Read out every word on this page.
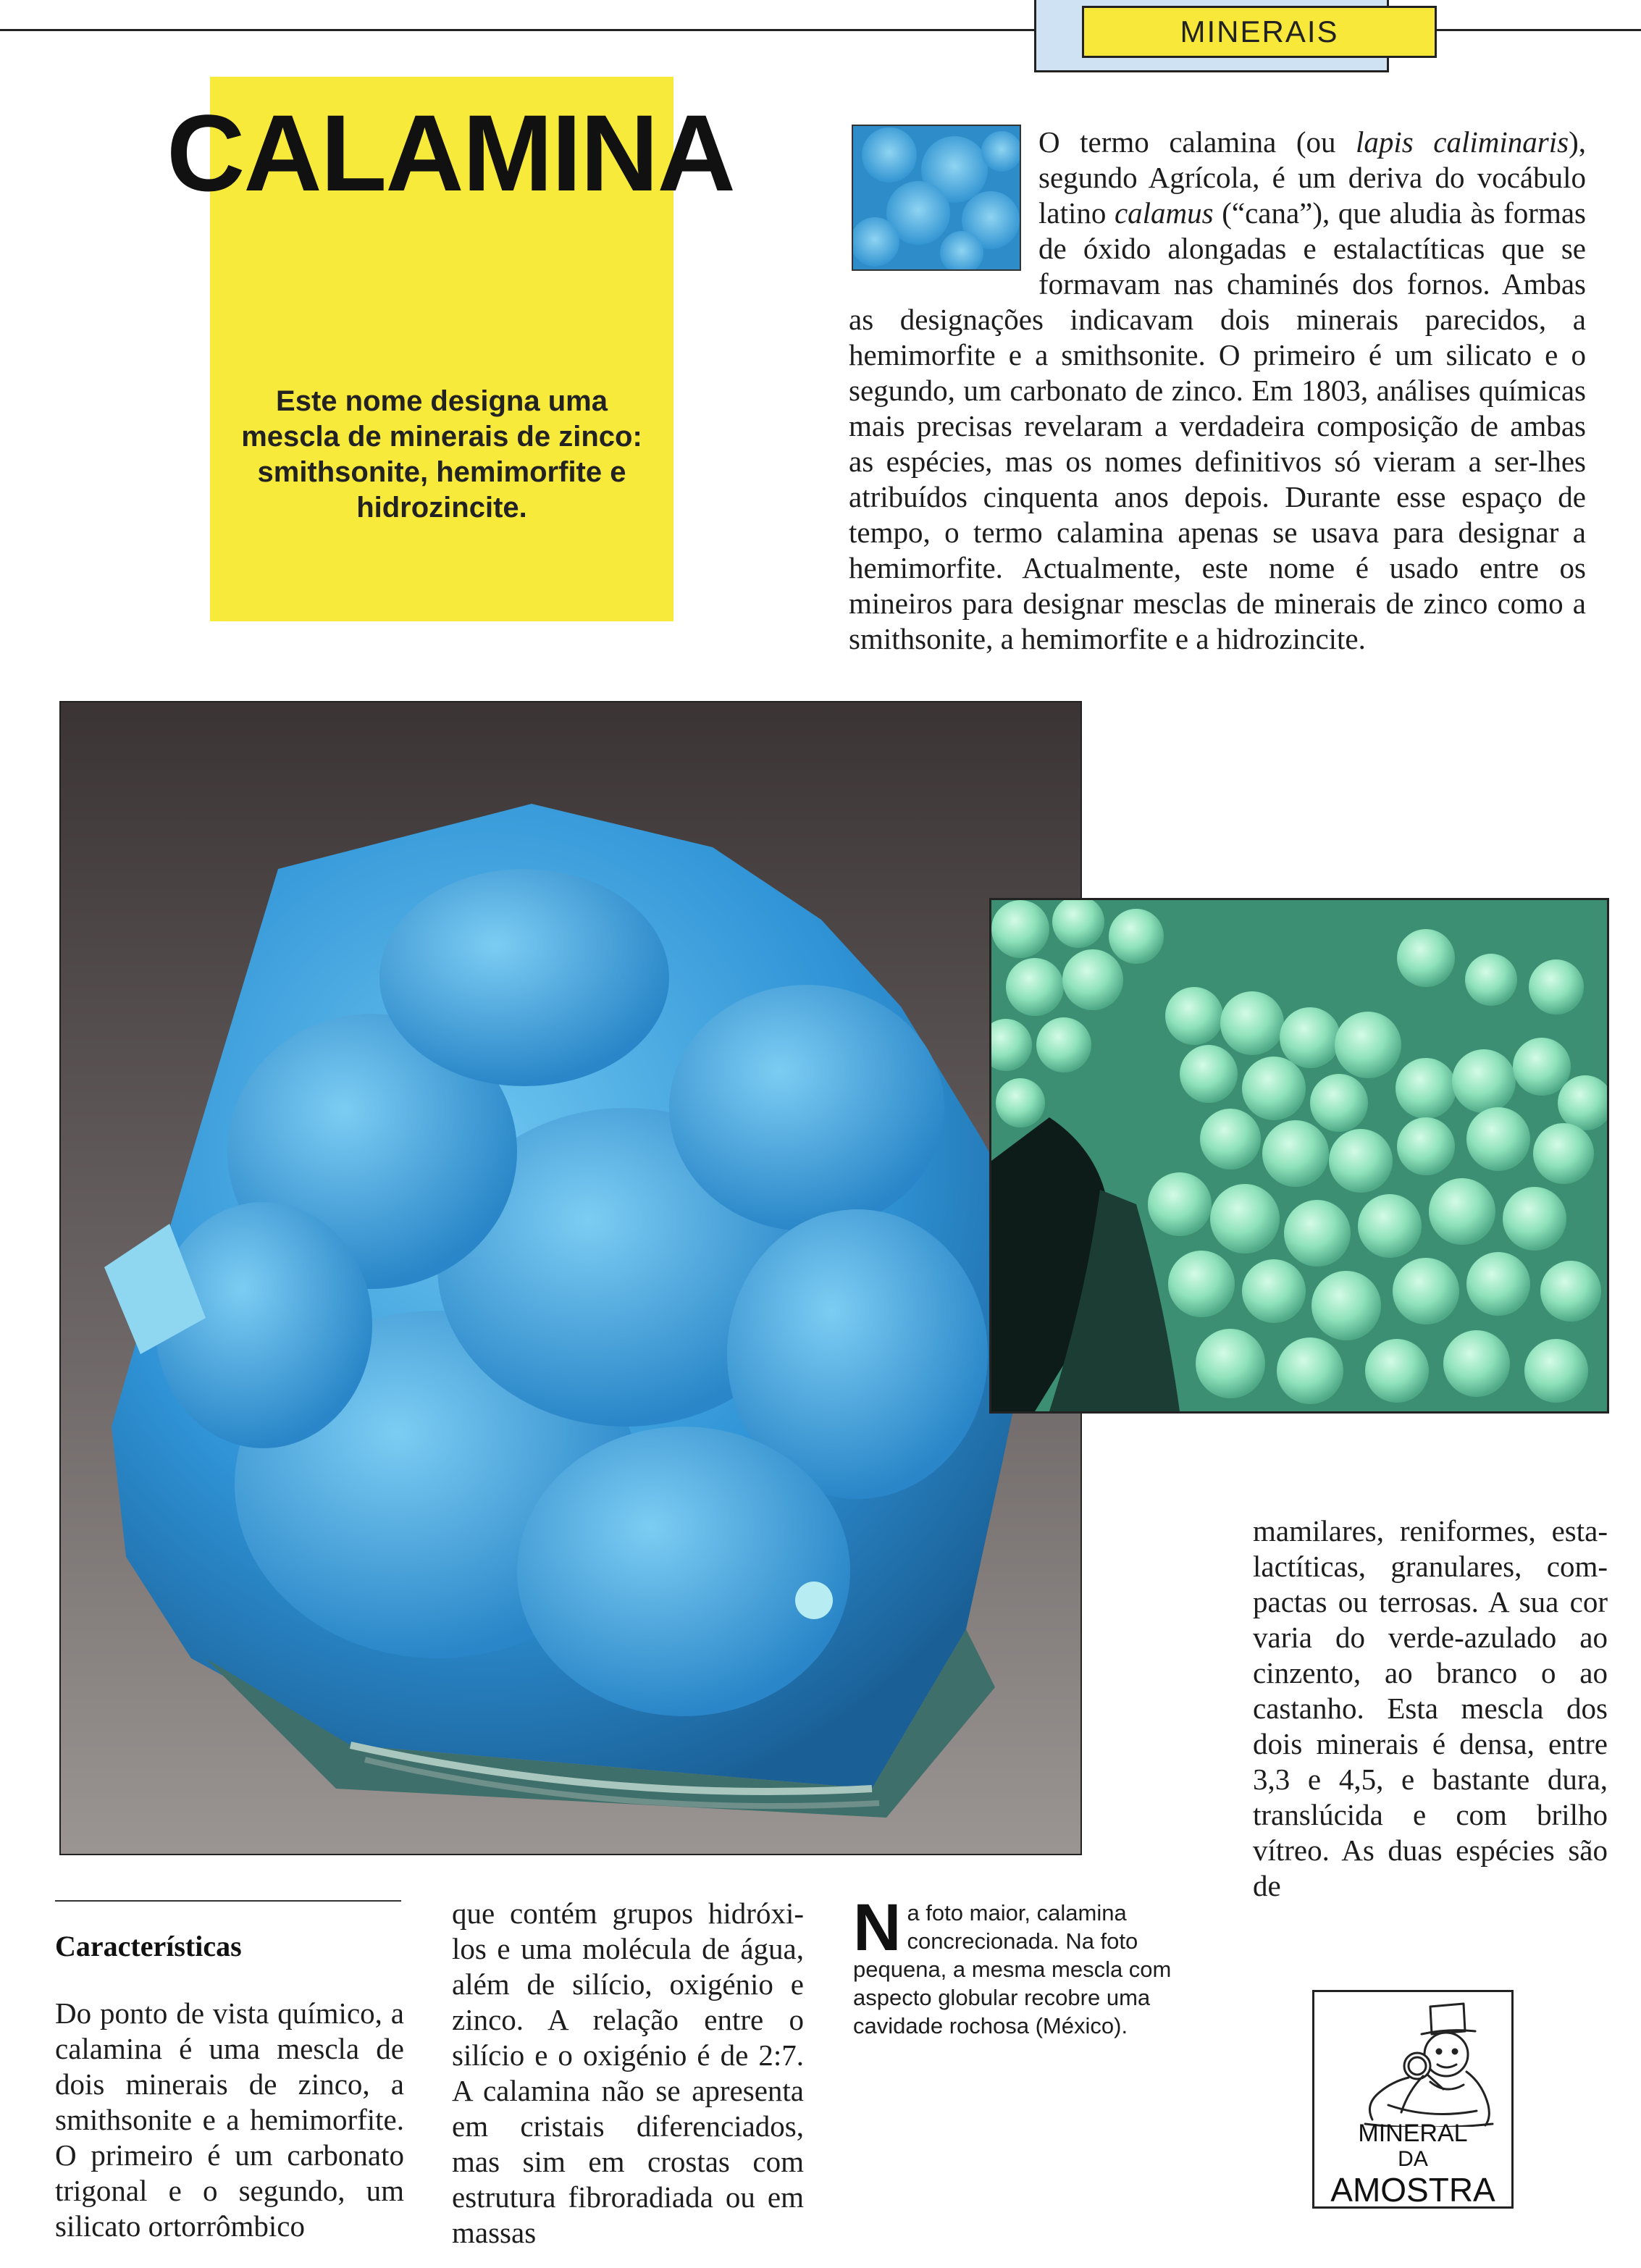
MINERAIS
CALAMINA
Este nome designa uma mescla de minerais de zinco: smithsonite, hemimorfite e hidrozincite.

O termo calamina (ou lapis caliminaris), segundo Agrícola, é um deriva do vocábulo latino calamus (“cana”), que aludia às formas de óxido alongadas e estalactíticas que se formavam nas chaminés dos fornos. Ambas as designações indicavam dois minerais parecidos, a hemimorfite e a smithsonite. O primeiro é um silicato e o segundo, um carbonato de zinco. Em 1803, análises químicas mais precisas revelaram a verdadeira composição de ambas as espécies, mas os nomes definitivos só vieram a ser-lhes atribuídos cinquenta anos depois. Durante esse espaço de tempo, o termo calamina apenas se usava para designar a hemimorfite. Actualmente, este nome é usado entre os mineiros para designar mesclas de minerais de zinco como a smithsonite, a hemimorfite e a hidrozincite.

mamilares, reniformes, estalactíticas, granulares, compactas ou terrosas. A sua cor varia do verde-azulado ao cinzento, ao branco o ao castanho. Esta mescla dos dois minerais é densa, entre 3,3 e 4,5, e bastante dura, translúcida e com brilho vítreo. As duas espécies são de

Características

Do ponto de vista químico, a calamina é uma mescla de dois minerais de zinco, a smithsonite e a hemimorfite. O primeiro é um carbonato trigonal e o segundo, um silicato ortorrômbico

que contém grupos hidróxilos e uma molécula de água, além de silício, oxigénio e zinco. A relação entre o silício e o oxigénio é de 2:7. A calamina não se apresenta em cristais diferenciados, mas sim em crostas com estrutura fibroradiada ou em massas

N a foto maior, calamina concrecionada. Na foto pequena, a mesma mescla com aspecto globular recobre uma cavidade rochosa (México).
MINERAL
DA
AMOSTRA
